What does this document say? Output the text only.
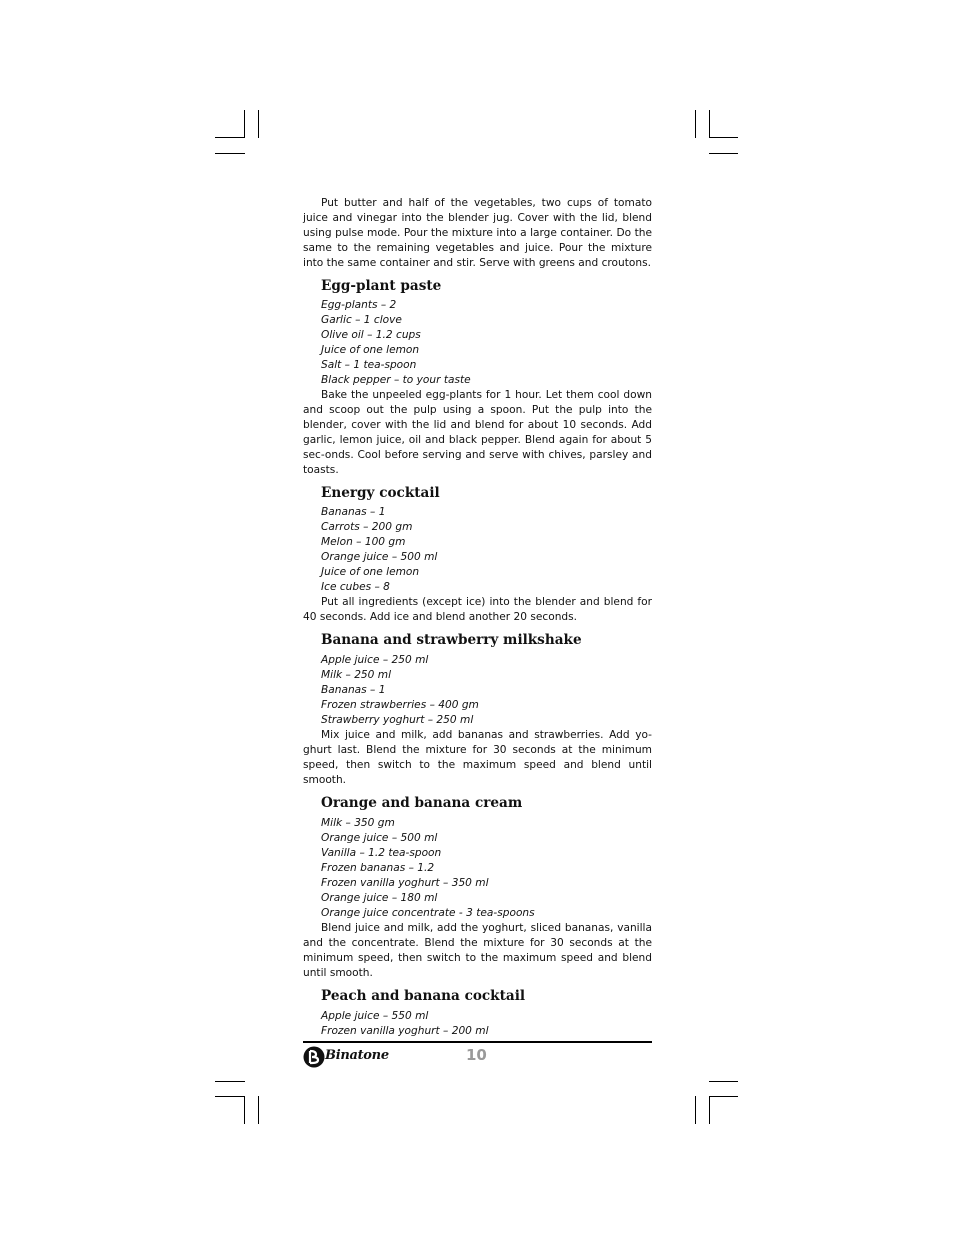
Put butter and half of the vegetables, two cups of tomato juice and vinegar into the blender jug. Cover with the lid, blend using pulse mode. Pour the mixture into a large container. Do the same to the remaining vegetables and juice. Pour the mixture into the same container and stir. Serve with greens and croutons.

Egg-plant paste
Egg-plants – 2
Garlic – 1 clove
Olive oil – 1.2 cups
Juice of one lemon
Salt – 1 tea-spoon
Black pepper – to your taste

Bake the unpeeled egg-plants for 1 hour. Let them cool down and scoop out the pulp using a spoon. Put the pulp into the blender, cover with the lid and blend for about 10 seconds. Add garlic, lemon juice, oil and black pepper. Blend again for about 5 sec-onds. Cool before serving and serve with chives, parsley and toasts.

Energy cocktail
Bananas – 1
Carrots – 200 gm
Melon – 100 gm
Orange juice – 500 ml
Juice of one lemon
Ice cubes – 8

Put all ingredients (except ice) into the blender and blend for 40 seconds. Add ice and blend another 20 seconds.

Banana and strawberry milkshake
Apple juice – 250 ml
Milk – 250 ml
Bananas – 1
Frozen strawberries – 400 gm
Strawberry yoghurt – 250 ml

Mix juice and milk, add bananas and strawberries. Add yo-ghurt last. Blend the mixture for 30 seconds at the minimum speed, then switch to the maximum speed and blend until smooth.

Orange and banana cream
Milk – 350 gm
Orange juice – 500 ml
Vanilla – 1.2 tea-spoon
Frozen bananas – 1.2
Frozen vanilla yoghurt – 350 ml
Orange juice – 180 ml
Orange juice concentrate - 3 tea-spoons

Blend juice and milk, add the yoghurt, sliced bananas, vanilla and the concentrate. Blend the mixture for 30 seconds at the minimum speed, then switch to the maximum speed and blend until smooth.

Peach and banana cocktail
Apple juice – 550 ml
Frozen vanilla yoghurt – 200 ml
Binatone	10
